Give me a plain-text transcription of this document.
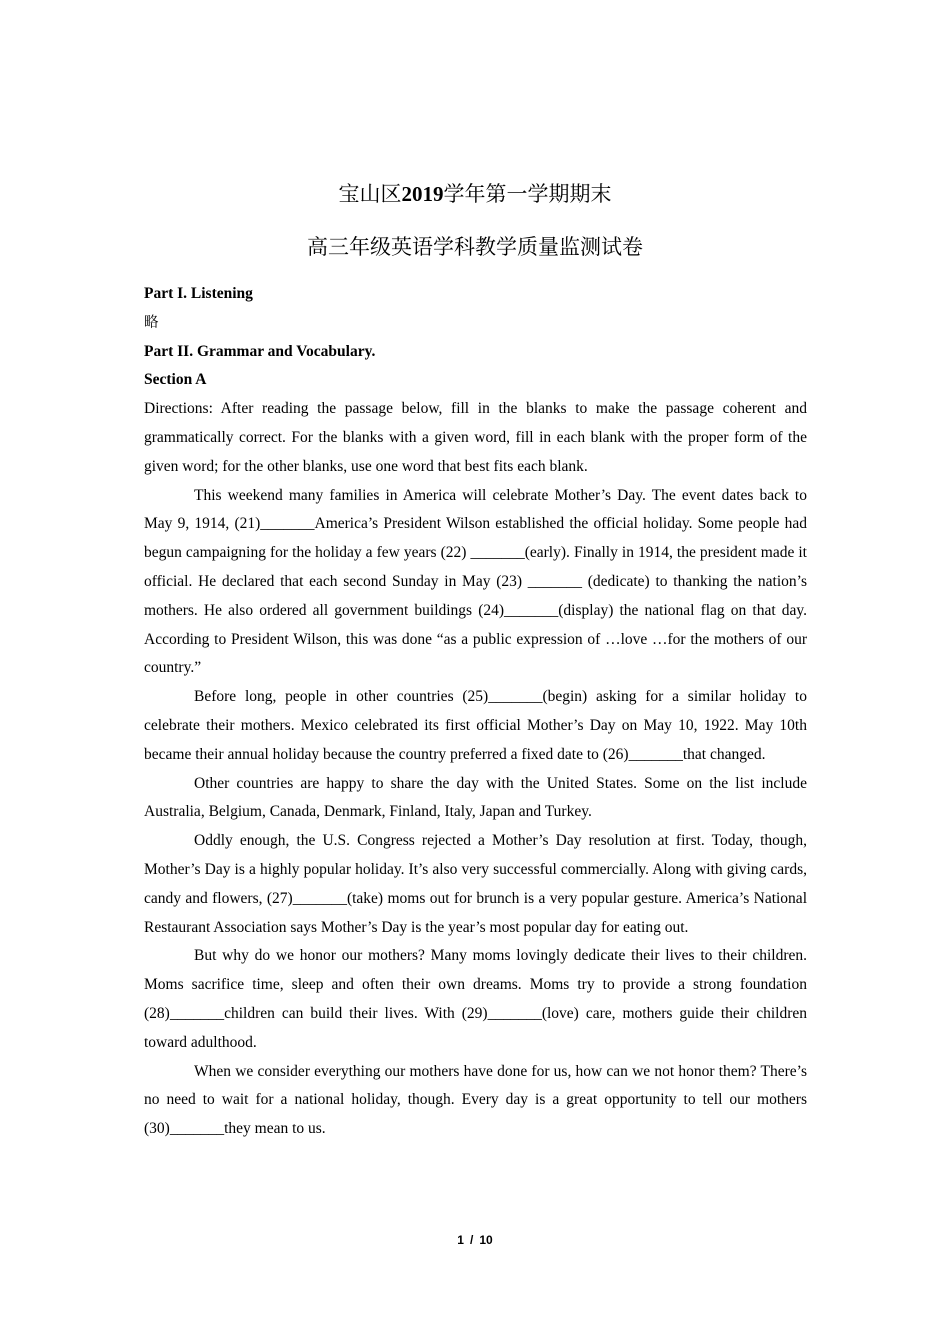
宝山区2019学年第一学期期末
高三年级英语学科教学质量监测试卷

Part I. Listening

略

Part II. Grammar and Vocabulary.

Section A

Directions: After reading the passage below, fill in the blanks to make the passage coherent and grammatically correct. For the blanks with a given word, fill in each blank with the proper form of the given word; for the other blanks, use one word that best fits each blank.

This weekend many families in America will celebrate Mother’s Day. The event dates back to May 9, 1914, (21)_______America’s President Wilson established the official holiday. Some people had begun campaigning for the holiday a few years (22) _______(early). Finally in 1914, the president made it official. He declared that each second Sunday in May (23) _______ (dedicate) to thanking the nation’s mothers. He also ordered all government buildings (24)_______(display) the national flag on that day. According to President Wilson, this was done “as a public expression of …love …for the mothers of our country.”

Before long, people in other countries (25)_______(begin) asking for a similar holiday to celebrate their mothers. Mexico celebrated its first official Mother’s Day on May 10, 1922. May 10th became their annual holiday because the country preferred a fixed date to (26)_______that changed.

Other countries are happy to share the day with the United States. Some on the list include Australia, Belgium, Canada, Denmark, Finland, Italy, Japan and Turkey.

Oddly enough, the U.S. Congress rejected a Mother’s Day resolution at first. Today, though, Mother’s Day is a highly popular holiday. It’s also very successful commercially. Along with giving cards, candy and flowers, (27)_______(take) moms out for brunch is a very popular gesture. America’s National Restaurant Association says Mother’s Day is the year’s most popular day for eating out.

But why do we honor our mothers? Many moms lovingly dedicate their lives to their children. Moms sacrifice time, sleep and often their own dreams. Moms try to provide a strong foundation (28)_______children can build their lives. With (29)_______(love) care, mothers guide their children toward adulthood.

When we consider everything our mothers have done for us, how can we not honor them? There’s no need to wait for a national holiday, though. Every day is a great opportunity to tell our mothers (30)_______they mean to us.

1 / 10
